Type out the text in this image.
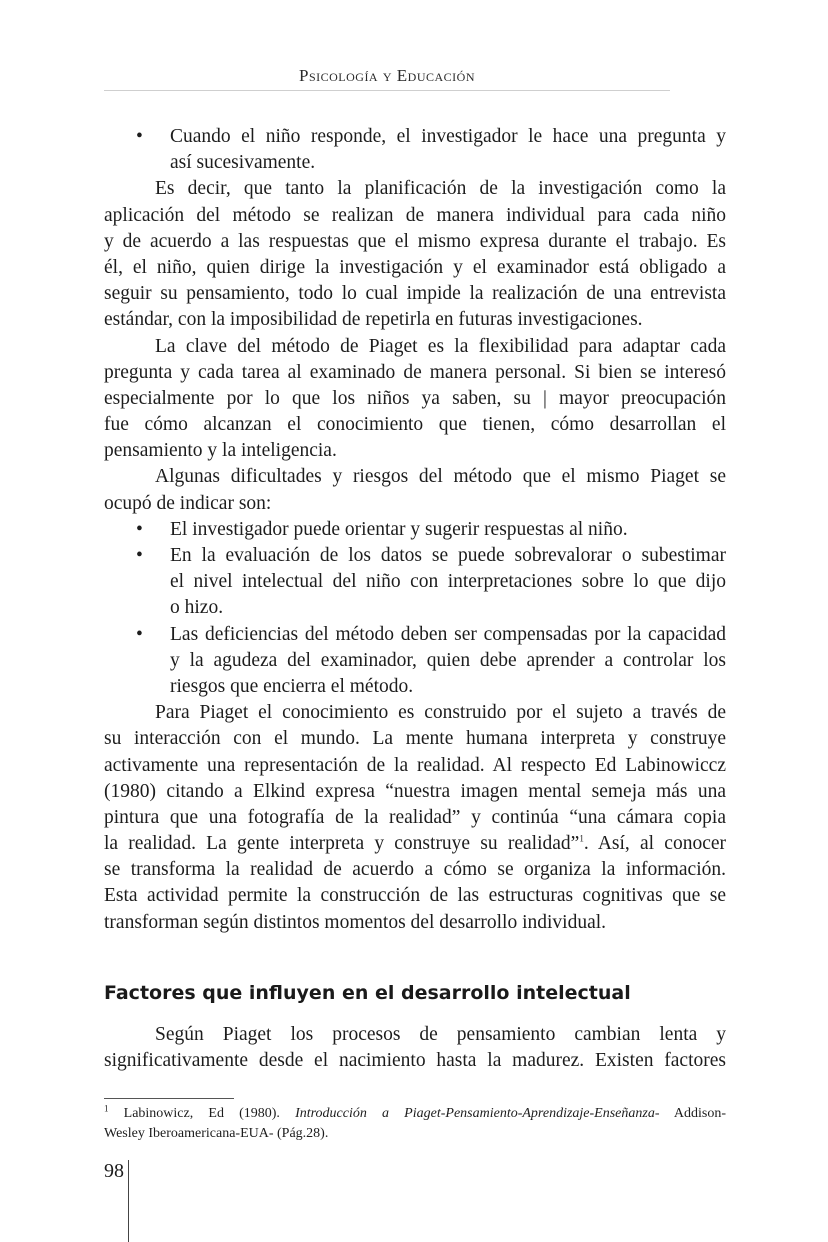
Psicología y Educación
• Cuando el niño responde, el investigador le hace una pregunta y
así sucesivamente.
Es decir, que tanto la planificación de la investigación como la
aplicación del método se realizan de manera individual para cada niño
y de acuerdo a las respuestas que el mismo expresa durante el trabajo. Es
él, el niño, quien dirige la investigación y el examinador está obligado a
seguir su pensamiento, todo lo cual impide la realización de una entrevista
estándar, con la imposibilidad de repetirla en futuras investigaciones.
La clave del método de Piaget es la flexibilidad para adaptar cada
pregunta y cada tarea al examinado de manera personal. Si bien se interesó
especialmente por lo que los niños ya saben, su | mayor preocupación
fue cómo alcanzan el conocimiento que tienen, cómo desarrollan el
pensamiento y la inteligencia.
Algunas dificultades y riesgos del método que el mismo Piaget se
ocupó de indicar son:
• El investigador puede orientar y sugerir respuestas al niño.
• En la evaluación de los datos se puede sobrevalorar o subestimar
el nivel intelectual del niño con interpretaciones sobre lo que dijo
o hizo.
• Las deficiencias del método deben ser compensadas por la capacidad
y la agudeza del examinador, quien debe aprender a controlar los
riesgos que encierra el método.
Para Piaget el conocimiento es construido por el sujeto a través de
su interacción con el mundo. La mente humana interpreta y construye
activamente una representación de la realidad. Al respecto Ed Labinowiccz
(1980) citando a Elkind expresa “nuestra imagen mental semeja más una
pintura que una fotografía de la realidad” y continúa “una cámara copia
la realidad. La gente interpreta y construye su realidad”$^1$. Así, al conocer
se transforma la realidad de acuerdo a cómo se organiza la información.
Esta actividad permite la construcción de las estructuras cognitivas que se
transforman según distintos momentos del desarrollo individual.
Factores que influyen en el desarrollo intelectual
Según Piaget los procesos de pensamiento cambian lenta y
significativamente desde el nacimiento hasta la madurez. Existen factores
$^1$ Labinowicz, Ed (1980). Introducción a Piaget-Pensamiento-Aprendizaje-Enseñanza- Addison-
Wesley Iberoamericana-EUA- (Pág.28).
98
